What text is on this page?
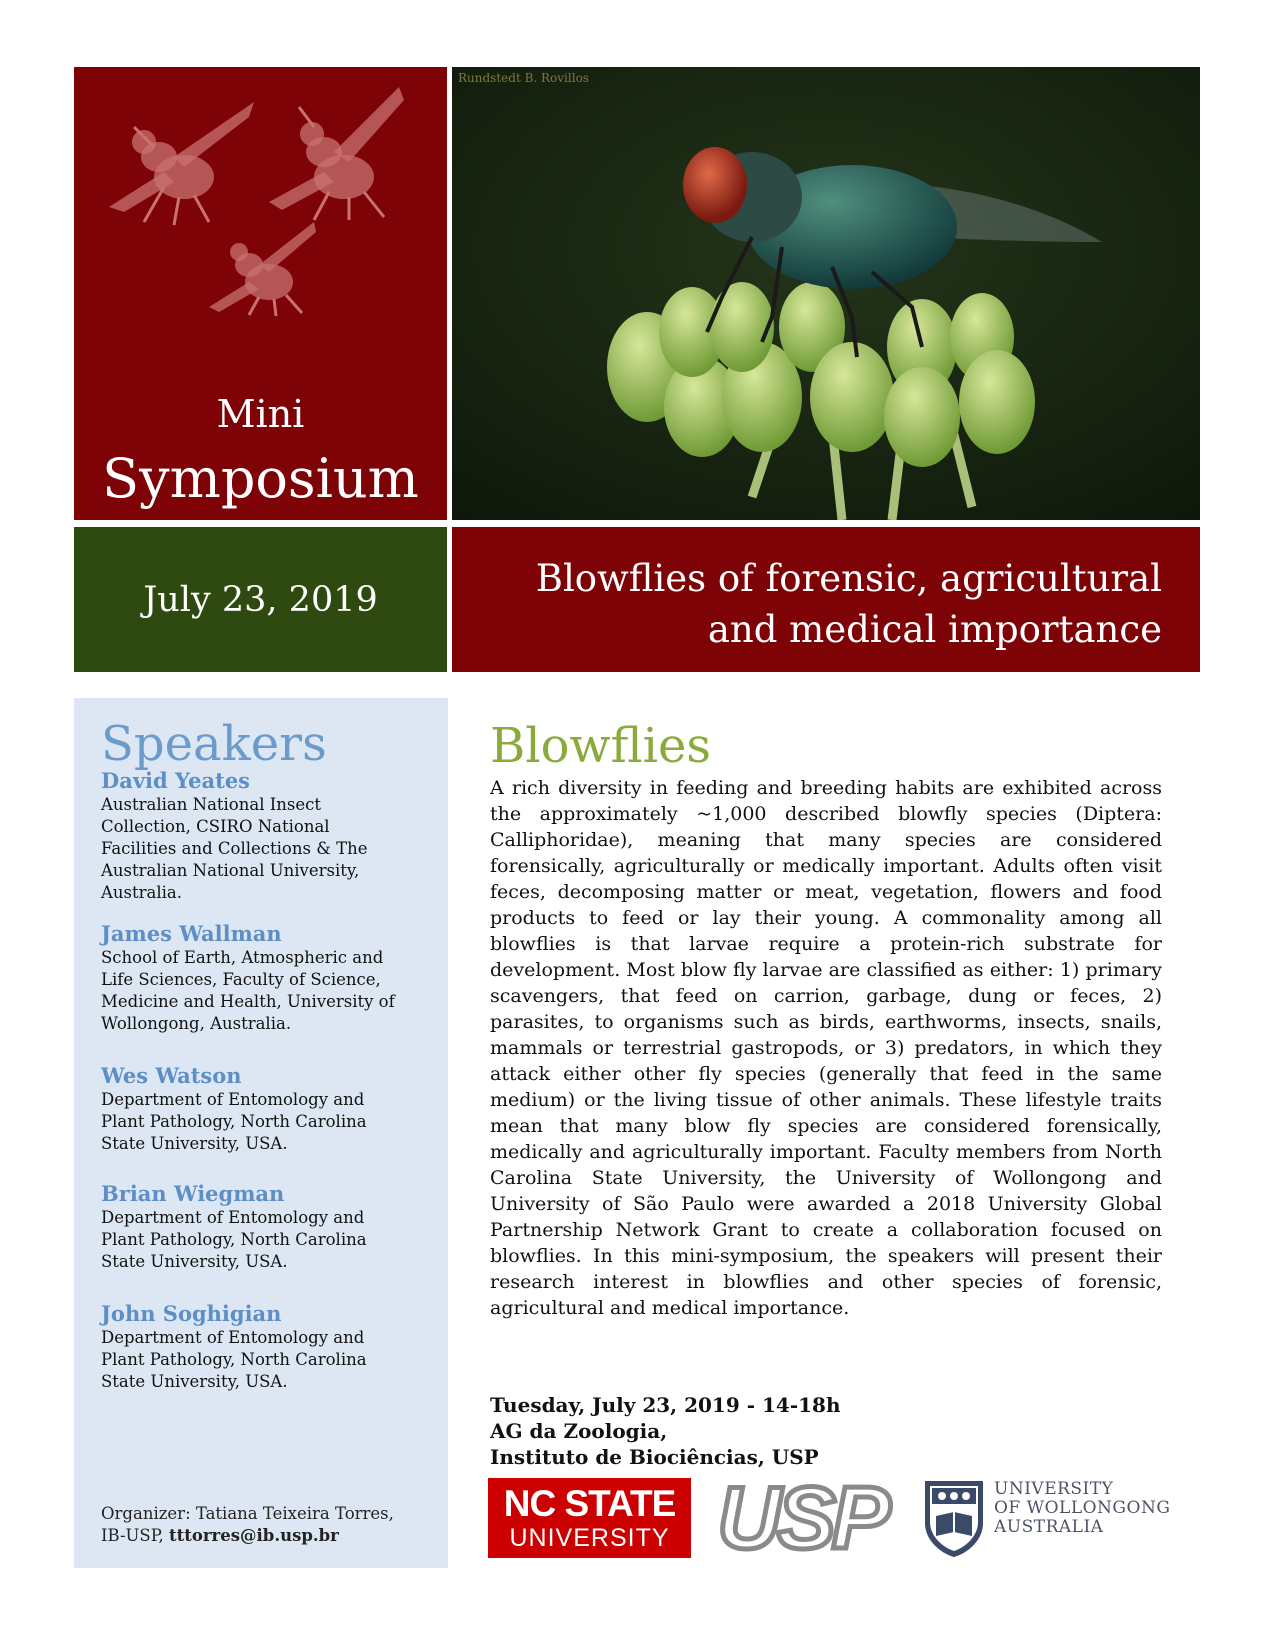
Mini
Symposium
Rundstedt B. Rovillos
July 23, 2019	Blowflies of forensic, agricultural
and medical importance
Speakers
David Yeates
Australian National Insect
Collection, CSIRO National
Facilities and Collections & The
Australian National University,
Australia.
James Wallman
School of Earth, Atmospheric and
Life Sciences, Faculty of Science,
Medicine and Health, University of
Wollongong, Australia.
Wes Watson
Department of Entomology and
Plant Pathology, North Carolina
State University, USA.
Brian Wiegman
Department of Entomology and
Plant Pathology, North Carolina
State University, USA.
John Soghigian
Department of Entomology and
Plant Pathology, North Carolina
State University, USA.
Organizer: Tatiana Teixeira Torres,
IB-USP, tttorres@ib.usp.br
Blowflies
A rich diversity in feeding and breeding habits are exhibited across the approximately ~1,000 described blowfly species (Diptera: Calliphoridae), meaning that many species are considered forensically, agriculturally or medically important. Adults often visit feces, decomposing matter or meat, vegetation, flowers and food products to feed or lay their young. A commonality among all blowflies is that larvae require a protein-rich substrate for development. Most blow fly larvae are classified as either: 1) primary scavengers, that feed on carrion, garbage, dung or feces, 2) parasites, to organisms such as birds, earthworms, insects, snails, mammals or terrestrial gastropods, or 3) predators, in which they attack either other fly species (generally that feed in the same medium) or the living tissue of other animals. These lifestyle traits mean that many blow fly species are considered forensically, medically and agriculturally important. Faculty members from North Carolina State University, the University of Wollongong and University of São Paulo were awarded a 2018 University Global Partnership Network Grant to create a collaboration focused on blowflies. In this mini-symposium, the speakers will present their research interest in blowflies and other species of forensic, agricultural and medical importance.
Tuesday, July 23, 2019 - 14-18h
AG da Zoologia,
Instituto de Biociências, USP
NC STATE
UNIVERSITY USP	UNIVERSITY
OF WOLLONGONG
AUSTRALIA
